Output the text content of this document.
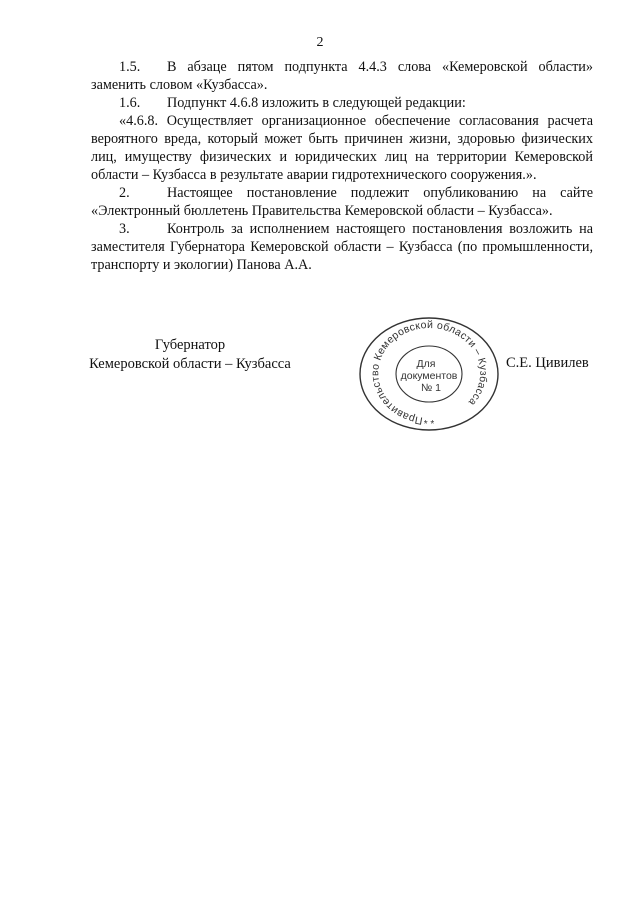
2

1.5. В абзаце пятом подпункта 4.4.3 слова «Кемеровской области» заменить словом «Кузбасса».

1.6. Подпункт 4.6.8 изложить в следующей редакции:

«4.6.8. Осуществляет организационное обеспечение согласования расчета вероятного вреда, который может быть причинен жизни, здоровью физических лиц, имуществу физических и юридических лиц на территории Кемеровской области – Кузбасса в результате аварии гидротехнического сооружения.».

2.	Настоящее постановление подлежит опубликованию на сайте «Электронный бюллетень Правительства Кемеровской области – Кузбасса».

3.	Контроль за исполнением настоящего постановления возложить на заместителя Губернатора Кемеровской области – Кузбасса (по промышленности, транспорту и экологии) Панова А.А.

Губернатор
Кемеровской области – Кузбасса	С.Е. Цивилев
Правительство Кемеровской области – Кузбасса
Для
документов
№ 1
* *
